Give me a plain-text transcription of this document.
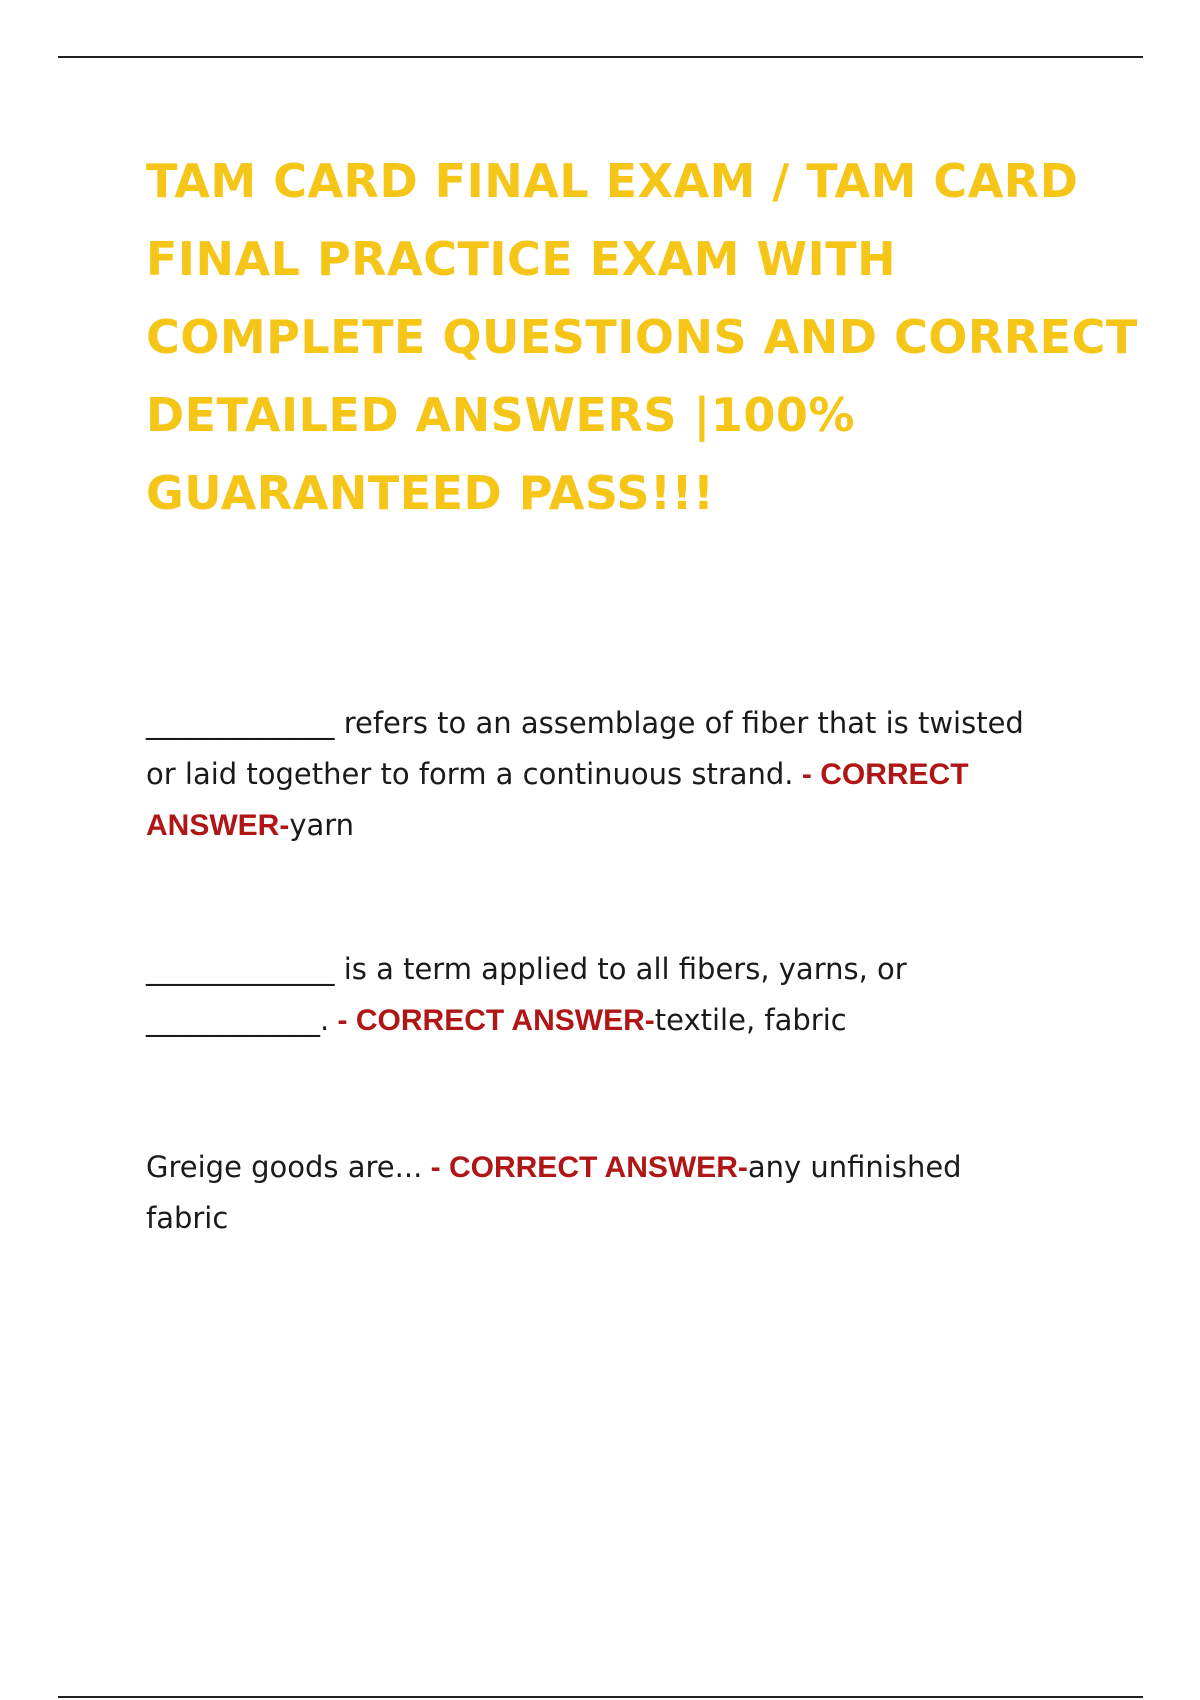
TAM CARD FINAL EXAM / TAM CARD FINAL PRACTICE EXAM WITH COMPLETE QUESTIONS AND CORRECT DETAILED ANSWERS |100% GUARANTEED PASS!!!

_____________ refers to an assemblage of fiber that is twisted or laid together to form a continuous strand. - CORRECT ANSWER-yarn

_____________ is a term applied to all fibers, yarns, or ____________. - CORRECT ANSWER-textile, fabric

Greige goods are... - CORRECT ANSWER-any unfinished fabric
